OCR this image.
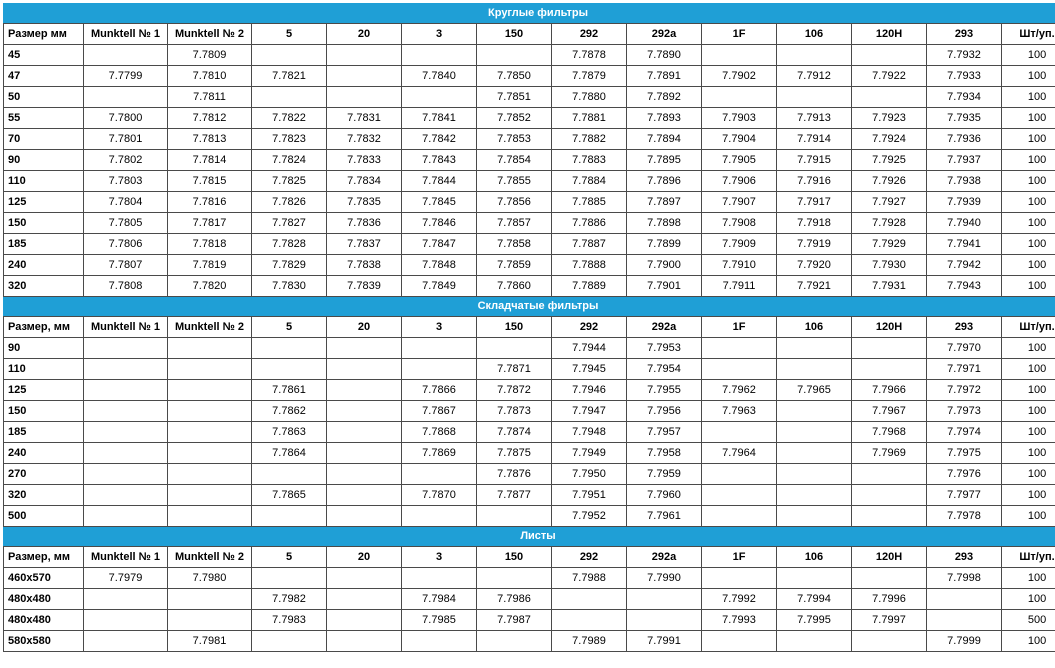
Круглые фильтры													
Размер мм	Munktell № 1	Munktell № 2	5	20	3	150	292	292a	1F	106	120H	293	Шт/уп.
45		7.7809					7.7878	7.7890				7.7932	100
47	7.7799	7.7810	7.7821		7.7840	7.7850	7.7879	7.7891	7.7902	7.7912	7.7922	7.7933	100
50		7.7811				7.7851	7.7880	7.7892				7.7934	100
55	7.7800	7.7812	7.7822	7.7831	7.7841	7.7852	7.7881	7.7893	7.7903	7.7913	7.7923	7.7935	100
70	7.7801	7.7813	7.7823	7.7832	7.7842	7.7853	7.7882	7.7894	7.7904	7.7914	7.7924	7.7936	100
90	7.7802	7.7814	7.7824	7.7833	7.7843	7.7854	7.7883	7.7895	7.7905	7.7915	7.7925	7.7937	100
110	7.7803	7.7815	7.7825	7.7834	7.7844	7.7855	7.7884	7.7896	7.7906	7.7916	7.7926	7.7938	100
125	7.7804	7.7816	7.7826	7.7835	7.7845	7.7856	7.7885	7.7897	7.7907	7.7917	7.7927	7.7939	100
150	7.7805	7.7817	7.7827	7.7836	7.7846	7.7857	7.7886	7.7898	7.7908	7.7918	7.7928	7.7940	100
185	7.7806	7.7818	7.7828	7.7837	7.7847	7.7858	7.7887	7.7899	7.7909	7.7919	7.7929	7.7941	100
240	7.7807	7.7819	7.7829	7.7838	7.7848	7.7859	7.7888	7.7900	7.7910	7.7920	7.7930	7.7942	100
320	7.7808	7.7820	7.7830	7.7839	7.7849	7.7860	7.7889	7.7901	7.7911	7.7921	7.7931	7.7943	100
Складчатые фильтры													
Размер, мм	Munktell № 1	Munktell № 2	5	20	3	150	292	292a	1F	106	120H	293	Шт/уп.
90							7.7944	7.7953				7.7970	100
110						7.7871	7.7945	7.7954				7.7971	100
125			7.7861		7.7866	7.7872	7.7946	7.7955	7.7962	7.7965	7.7966	7.7972	100
150			7.7862		7.7867	7.7873	7.7947	7.7956	7.7963		7.7967	7.7973	100
185			7.7863		7.7868	7.7874	7.7948	7.7957			7.7968	7.7974	100
240			7.7864		7.7869	7.7875	7.7949	7.7958	7.7964		7.7969	7.7975	100
270						7.7876	7.7950	7.7959				7.7976	100
320			7.7865		7.7870	7.7877	7.7951	7.7960				7.7977	100
500							7.7952	7.7961				7.7978	100
Листы													
Размер, мм	Munktell № 1	Munktell № 2	5	20	3	150	292	292a	1F	106	120H	293	Шт/уп.
460x570	7.7979	7.7980					7.7988	7.7990				7.7998	100
480x480			7.7982		7.7984	7.7986			7.7992	7.7994	7.7996		100
480x480			7.7983		7.7985	7.7987			7.7993	7.7995	7.7997		500
580x580		7.7981					7.7989	7.7991				7.7999	100
